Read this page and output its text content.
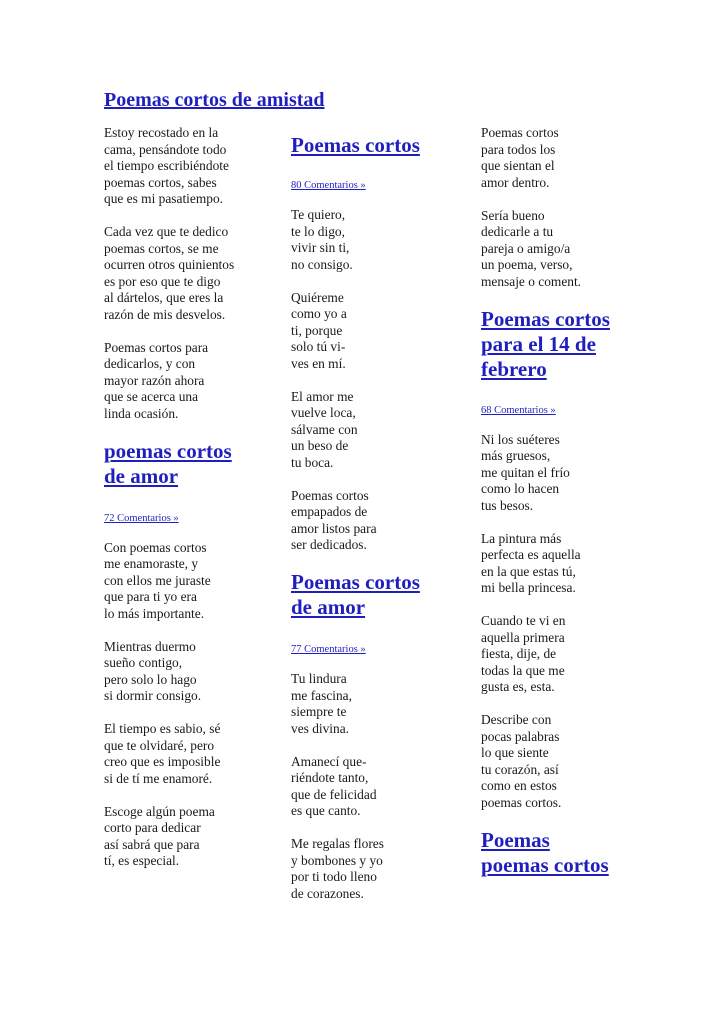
Poemas cortos de amistad

Estoy recostado en la
cama, pensándote todo
el tiempo escribiéndote
poemas cortos, sabes
que es mi pasatiempo.

Cada vez que te dedico
poemas cortos, se me
ocurren otros quinientos
es por eso que te digo
al dártelos, que eres la
razón de mis desvelos.

Poemas cortos para
dedicarlos, y con
mayor razón ahora
que se acerca una
linda ocasión.

poemas cortos
de amor

72 Comentarios »

Con poemas cortos
me enamoraste, y
con ellos me juraste
que para ti yo era
lo más importante.

Mientras duermo
sueño contigo,
pero solo lo hago
si dormir consigo.

El tiempo es sabio, sé
que te olvidaré, pero
creo que es imposible
si de tí me enamoré.

Escoge algún poema
corto para dedicar
así sabrá que para
tí, es especial.

Poemas cortos

80 Comentarios »

Te quiero,
te lo digo,
vivir sin ti,
no consigo.

Quiéreme
como yo a
ti, porque
solo tú vi-
ves en mí.

El amor me
vuelve loca,
sálvame con
un beso de
tu boca.

Poemas cortos
empapados de
amor listos para
ser dedicados.

Poemas cortos
de amor

77 Comentarios »

Tu lindura
me fascina,
siempre te
ves divina.

Amanecí que-
riéndote tanto,
que de felicidad
es que canto.

Me regalas flores
y bombones y yo
por ti todo lleno
de corazones.

Poemas cortos
para todos los
que sientan el
amor dentro.

Sería bueno
dedicarle a tu
pareja o amigo/a
un poema, verso,
mensaje o coment.

Poemas cortos
para el 14 de
febrero

68 Comentarios »

Ni los suéteres
más gruesos,
me quitan el frío
como lo hacen
tus besos.

La pintura más
perfecta es aquella
en la que estas tú,
mi bella princesa.

Cuando te vi en
aquella primera
fiesta, dije, de
todas la que me
gusta es, esta.

Describe con
pocas palabras
lo que siente
tu corazón, así
como en estos
poemas cortos.

Poemas
poemas cortos
